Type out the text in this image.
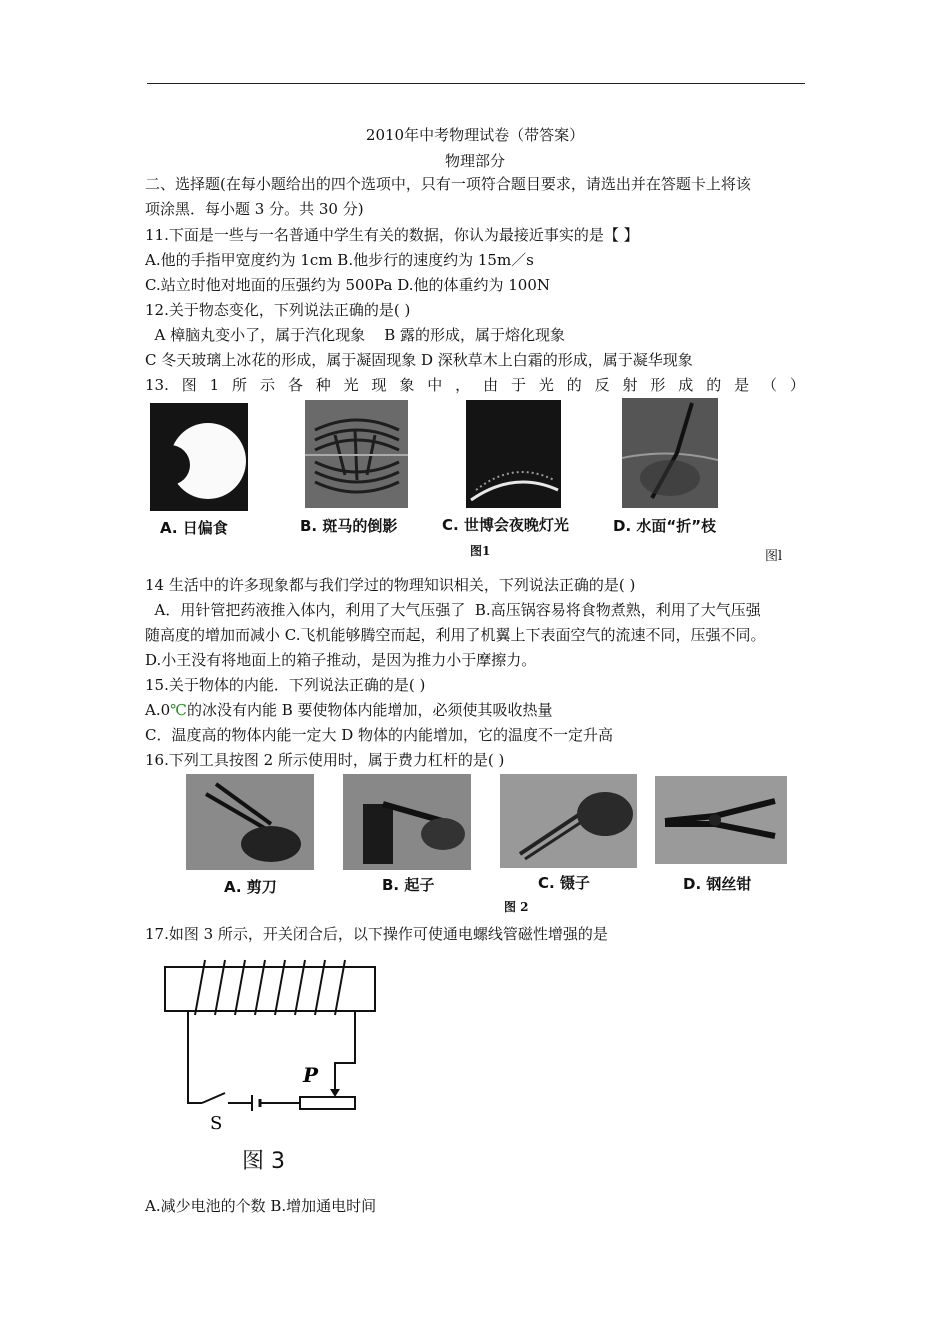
2010年中考物理试卷（带答案）
物理部分
二、选择题(在每小题给出的四个选项中，只有一项符合题目要求，请选出并在答题卡上将该
项涂黑．每小题 3 分。共 30 分)
11.下面是一些与一名普通中学生有关的数据，你认为最接近事实的是【 】
A.他的手指甲宽度约为 1cm B.他步行的速度约为 15m／s
C.站立时他对地面的压强约为 500Pa D.他的体重约为 100N
12.关于物态变化，下列说法正确的是( )
A 樟脑丸变小了，属于汽化现象    B 露的形成，属于熔化现象
C 冬天玻璃上冰花的形成，属于凝固现象 D 深秋草木上白霜的形成，属于凝华现象
13. 图 1 所 示 各 种 光 现 象 中 ， 由 于 光 的 反 射 形 成 的 是 （ ）
A. 日偏食	B. 斑马的倒影	C. 世博会夜晚灯光	D. 水面“折”枝
图1	图l
14 生活中的许多现象都与我们学过的物理知识相关，下列说法正确的是( )
A．用针管把药液推入体内，利用了大气压强了  B.高压锅容易将食物煮熟，利用了大气压强
随高度的增加而减小 C.飞机能够腾空而起，利用了机翼上下表面空气的流速不同，压强不同。
D.小王没有将地面上的箱子推动，是因为推力小于摩擦力。
15.关于物体的内能．下列说法正确的是( )
A.0℃的冰没有内能 B 要使物体内能增加，必须使其吸收热量
C．温度高的物体内能一定大 D 物体的内能增加，它的温度不一定升高
16.下列工具按图 2 所示使用时，属于费力杠杆的是( )
A. 剪刀	B. 起子	C. 镊子	D. 钢丝钳
图 2
17.如图 3 所示，开关闭合后，以下操作可使通电螺线管磁性增强的是
P
S
图 3
A.减少电池的个数 B.增加通电时间
